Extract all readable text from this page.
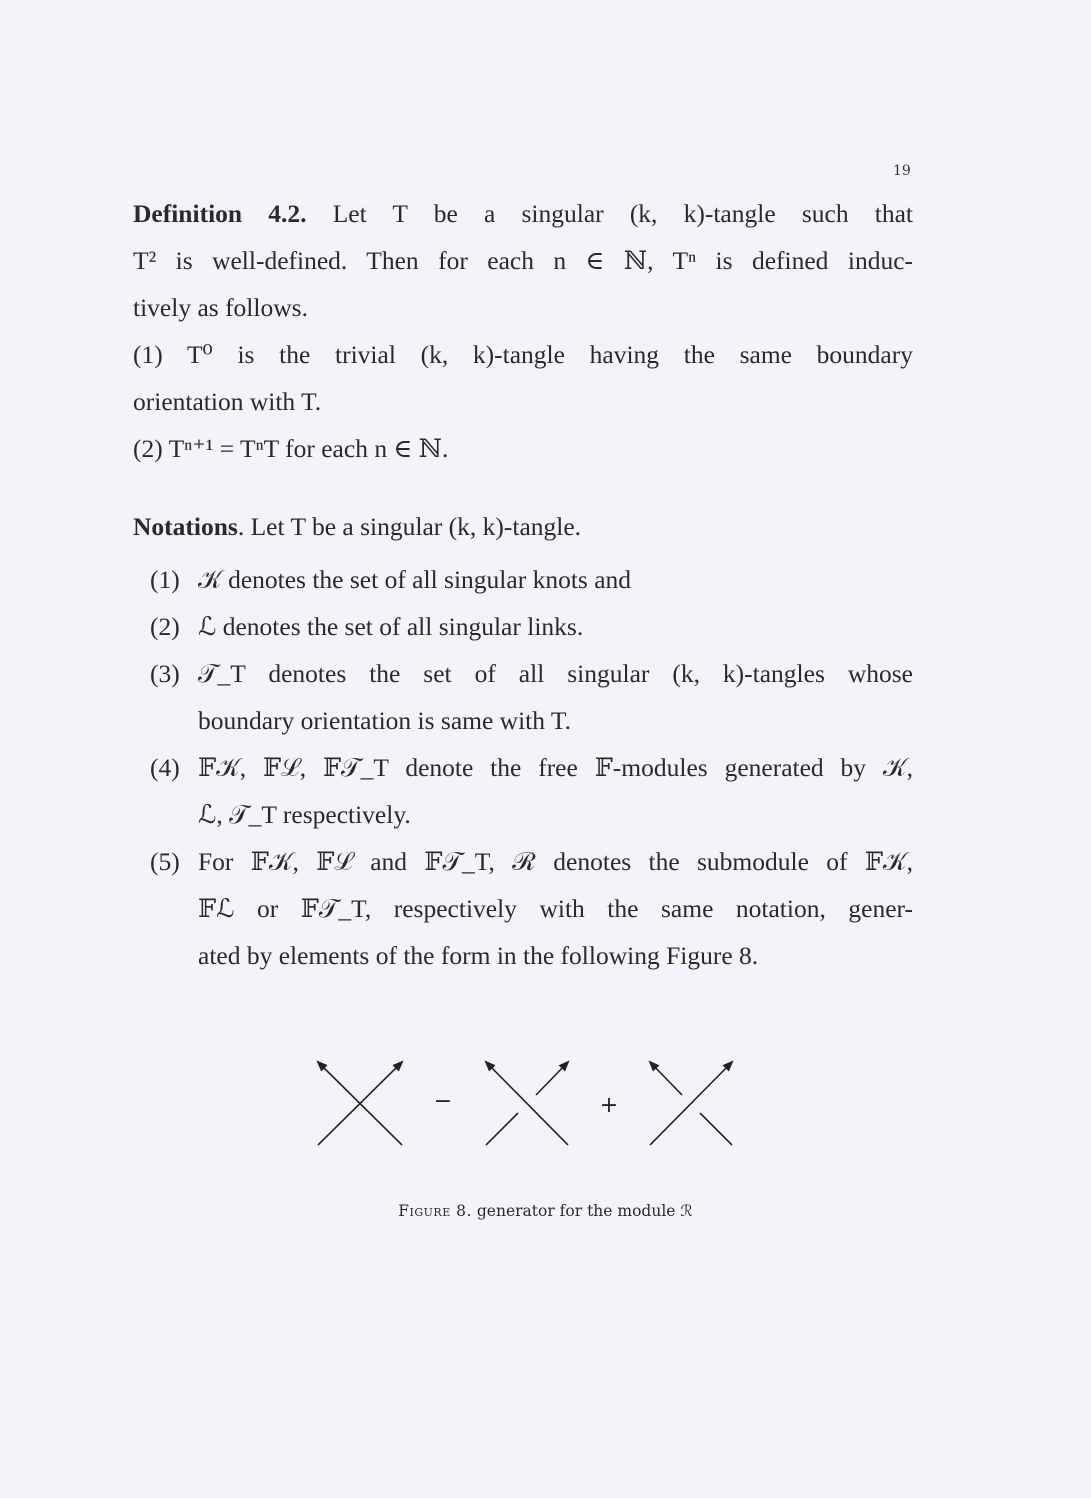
19
Definition 4.2. Let T be a singular (k, k)-tangle such that
T² is well-defined. Then for each n ∈ ℕ, Tⁿ is defined induc-
tively as follows.
(1) T⁰ is the trivial (k, k)-tangle having the same boundary
orientation with T.
(2) Tⁿ⁺¹ = TⁿT for each n ∈ ℕ.
Notations. Let T be a singular (k, k)-tangle.
(1) 𝒦 denotes the set of all singular knots and
(2) ℒ denotes the set of all singular links.
(3) 𝒯_T denotes the set of all singular (k, k)-tangles whose
boundary orientation is same with T.
(4) 𝔽𝒦, 𝔽ℒ, 𝔽𝒯_T denote the free 𝔽-modules generated by 𝒦,
ℒ, 𝒯_T respectively.
(5) For 𝔽𝒦, 𝔽ℒ and 𝔽𝒯_T, ℛ denotes the submodule of 𝔽𝒦,
𝔽ℒ or 𝔽𝒯_T, respectively with the same notation, gener-
ated by elements of the form in the following Figure 8.
−	+
Figure 8. generator for the module ℛ
